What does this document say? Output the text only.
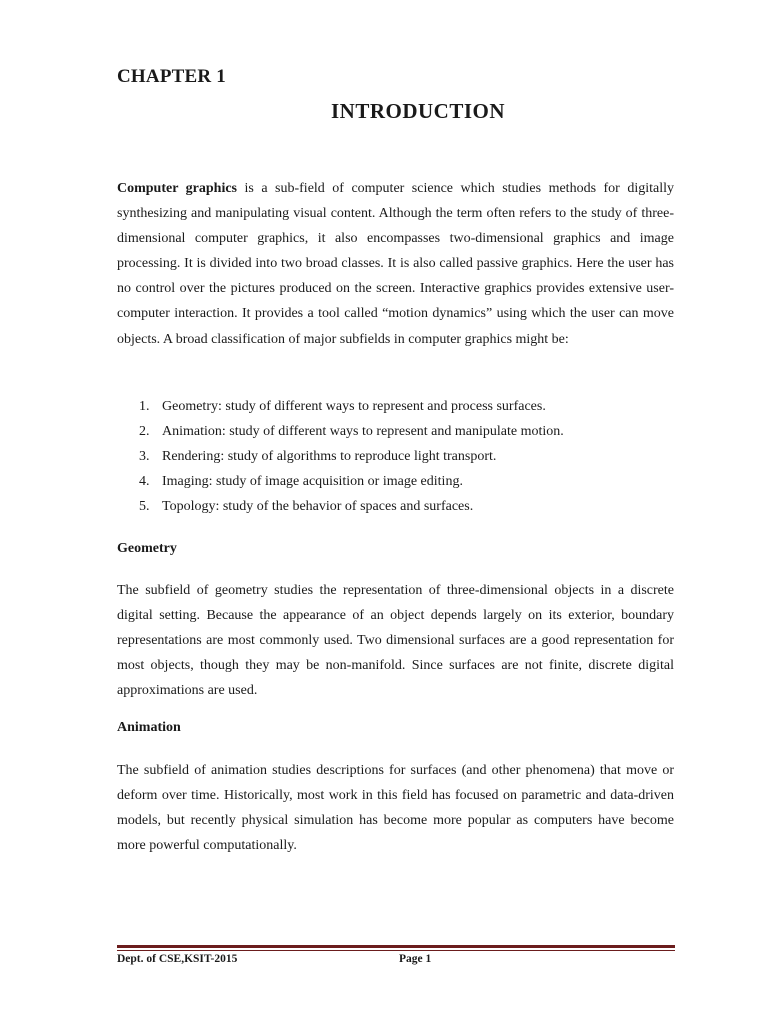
CHAPTER 1
INTRODUCTION

Computer graphics is a sub-field of computer science which studies methods for digitally synthesizing and manipulating visual content. Although the term often refers to the study of three-dimensional computer graphics, it also encompasses two-dimensional graphics and image processing. It is divided into two broad classes. It is also called passive graphics. Here the user has no control over the pictures produced on the screen. Interactive graphics provides extensive user-computer interaction. It provides a tool called “motion dynamics” using which the user can move objects. A broad classification of major subfields in computer graphics might be:

1. Geometry: study of different ways to represent and process surfaces.
2. Animation: study of different ways to represent and manipulate motion.
3. Rendering: study of algorithms to reproduce light transport.
4. Imaging: study of image acquisition or image editing.
5. Topology: study of the behavior of spaces and surfaces.
Geometry

The subfield of geometry studies the representation of three-dimensional objects in a discrete digital setting. Because the appearance of an object depends largely on its exterior, boundary representations are most commonly used. Two dimensional surfaces are a good representation for most objects, though they may be non-manifold. Since surfaces are not finite, discrete digital approximations are used.

Animation

The subfield of animation studies descriptions for surfaces (and other phenomena) that move or deform over time. Historically, most work in this field has focused on parametric and data-driven models, but recently physical simulation has become more popular as computers have become more powerful computationally.

Dept. of CSE,KSIT-2015	Page 1
